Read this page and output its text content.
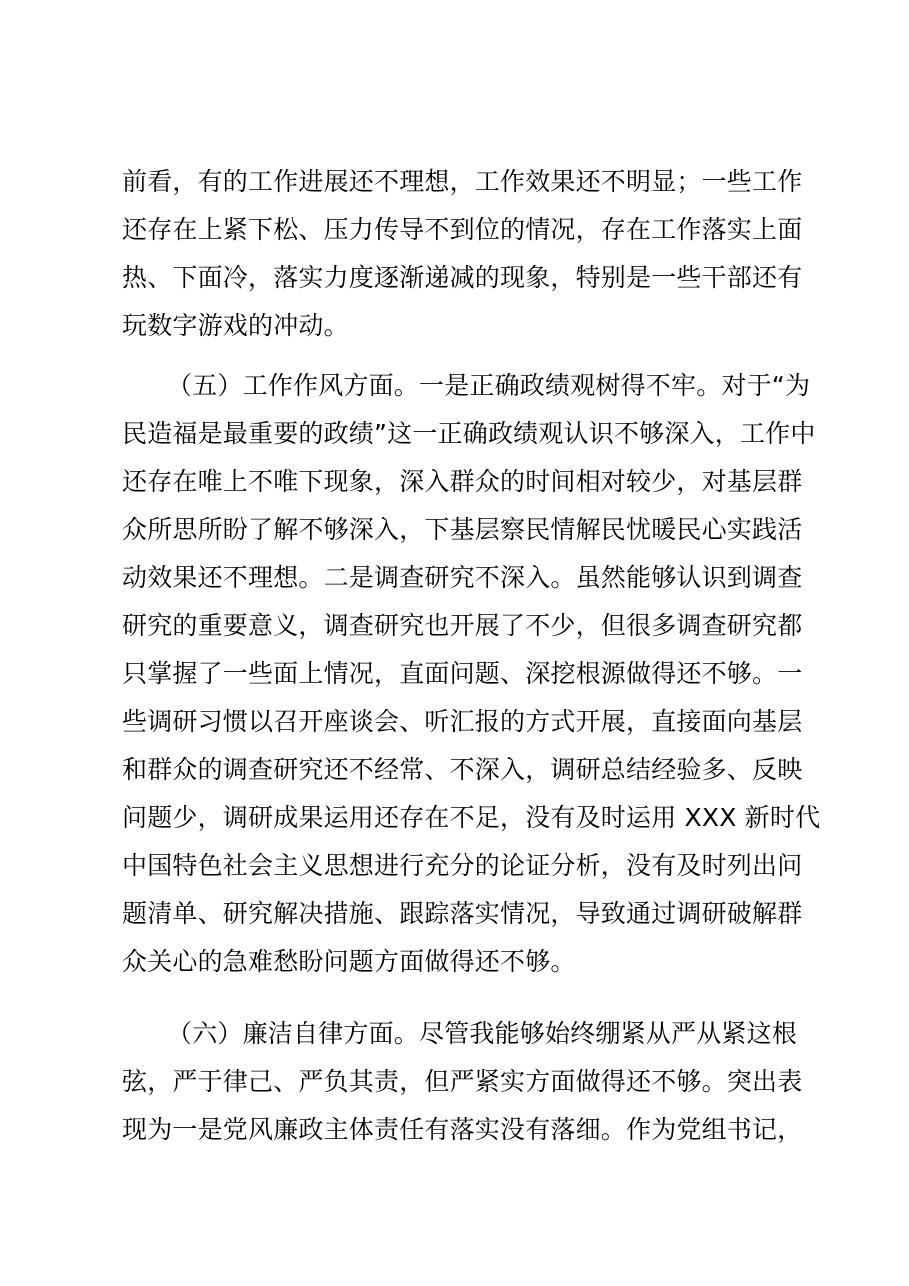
前看，有的工作进展还不理想，工作效果还不明显；一些工作
还存在上紧下松、压力传导不到位的情况，存在工作落实上面
热、下面冷，落实力度逐渐递减的现象，特别是一些干部还有
玩数字游戏的冲动。
（五）工作作风方面。一是正确政绩观树得不牢。对于“为
民造福是最重要的政绩”这一正确政绩观认识不够深入，工作中
还存在唯上不唯下现象，深入群众的时间相对较少，对基层群
众所思所盼了解不够深入，下基层察民情解民忧暖民心实践活
动效果还不理想。二是调查研究不深入。虽然能够认识到调查
研究的重要意义，调查研究也开展了不少，但很多调查研究都
只掌握了一些面上情况，直面问题、深挖根源做得还不够。一
些调研习惯以召开座谈会、听汇报的方式开展，直接面向基层
和群众的调查研究还不经常、不深入，调研总结经验多、反映
问题少，调研成果运用还存在不足，没有及时运用 XXX 新时代
中国特色社会主义思想进行充分的论证分析，没有及时列出问
题清单、研究解决措施、跟踪落实情况，导致通过调研破解群
众关心的急难愁盼问题方面做得还不够。
（六）廉洁自律方面。尽管我能够始终绷紧从严从紧这根
弦，严于律己、严负其责，但严紧实方面做得还不够。突出表
现为一是党风廉政主体责任有落实没有落细。作为党组书记，
